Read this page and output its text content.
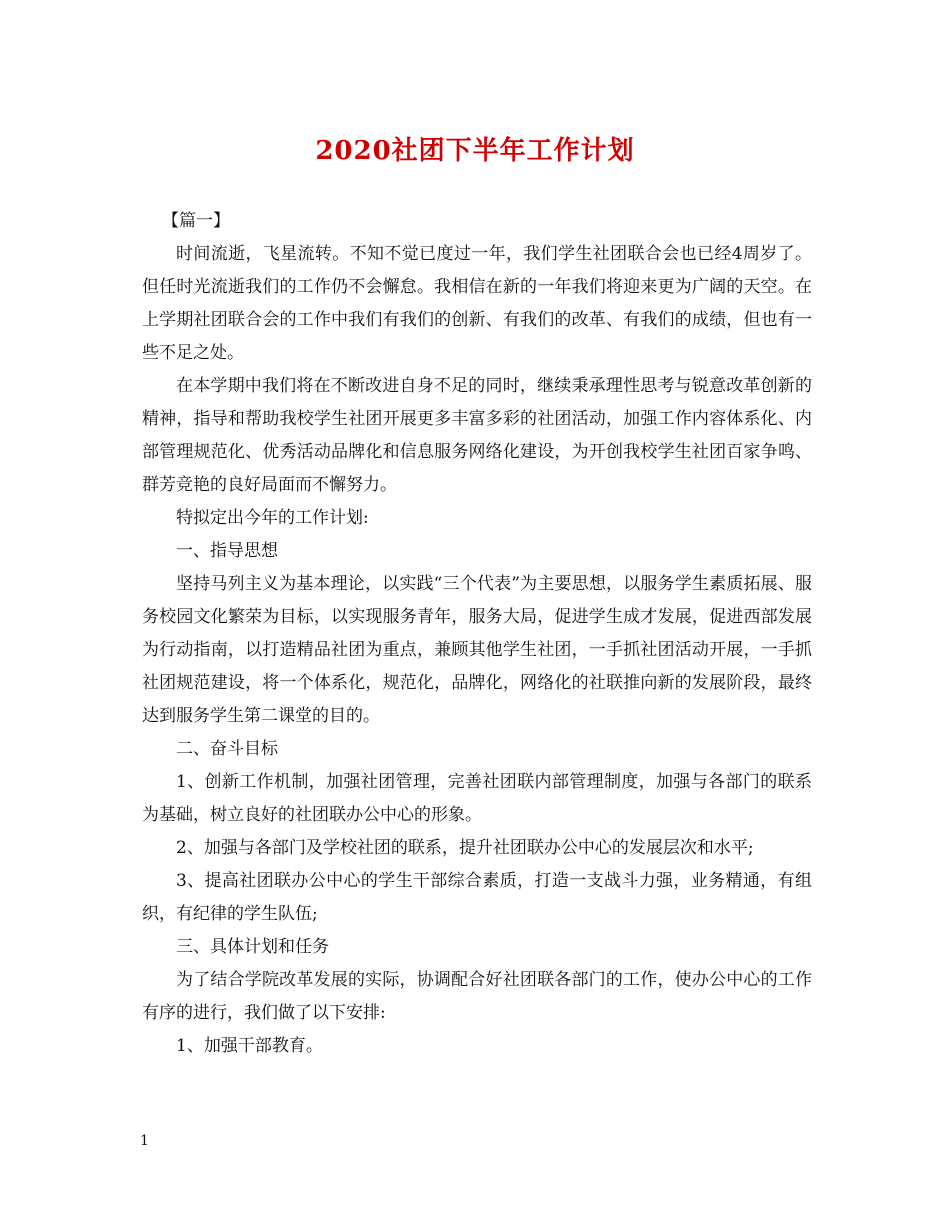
2020社团下半年工作计划

【篇一】

时间流逝，飞星流转。不知不觉已度过一年，我们学生社团联合会也已经4周岁了。但任时光流逝我们的工作仍不会懈怠。我相信在新的一年我们将迎来更为广阔的天空。在上学期社团联合会的工作中我们有我们的创新、有我们的改革、有我们的成绩，但也有一些不足之处。

在本学期中我们将在不断改进自身不足的同时，继续秉承理性思考与锐意改革创新的精神，指导和帮助我校学生社团开展更多丰富多彩的社团活动，加强工作内容体系化、内部管理规范化、优秀活动品牌化和信息服务网络化建设，为开创我校学生社团百家争鸣、群芳竞艳的良好局面而不懈努力。

特拟定出今年的工作计划:

一、指导思想

坚持马列主义为基本理论，以实践“三个代表”为主要思想，以服务学生素质拓展、服务校园文化繁荣为目标，以实现服务青年，服务大局，促进学生成才发展，促进西部发展为行动指南，以打造精品社团为重点，兼顾其他学生社团，一手抓社团活动开展，一手抓社团规范建设，将一个体系化，规范化，品牌化，网络化的社联推向新的发展阶段，最终达到服务学生第二课堂的目的。

二、奋斗目标

1、创新工作机制，加强社团管理，完善社团联内部管理制度，加强与各部门的联系为基础，树立良好的社团联办公中心的形象。

2、加强与各部门及学校社团的联系，提升社团联办公中心的发展层次和水平;

3、提高社团联办公中心的学生干部综合素质，打造一支战斗力强，业务精通，有组织，有纪律的学生队伍;

三、具体计划和任务

为了结合学院改革发展的实际，协调配合好社团联各部门的工作，使办公中心的工作有序的进行，我们做了以下安排:

1、加强干部教育。

1
